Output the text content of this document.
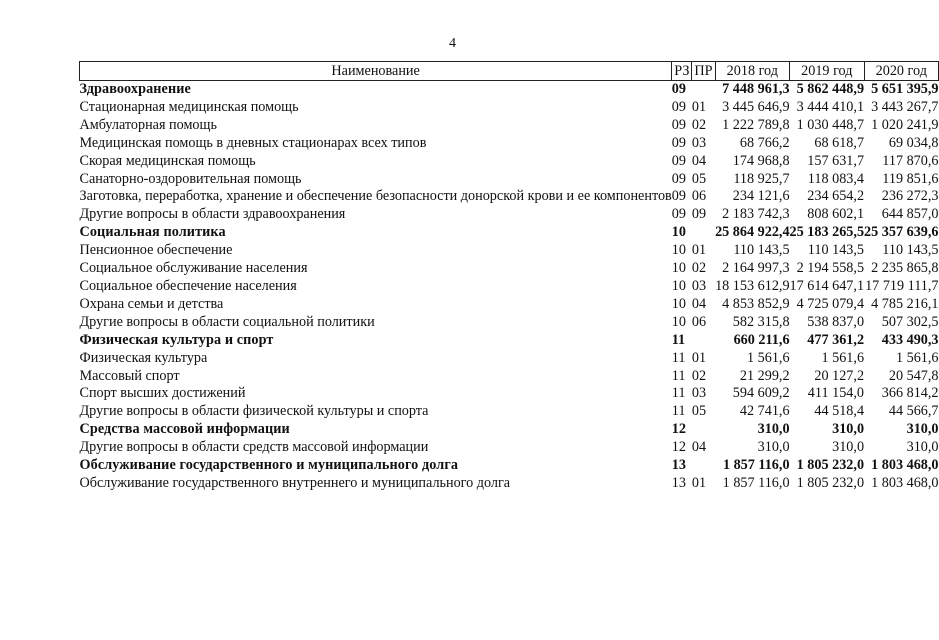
4
Наименование	РЗ	ПР	2018 год	2019 год	2020 год
Здравоохранение	09		7 448 961,3	5 862 448,9	5 651 395,9
Стационарная медицинская помощь	09	01	3 445 646,9	3 444 410,1	3 443 267,7
Амбулаторная помощь	09	02	1 222 789,8	1 030 448,7	1 020 241,9
Медицинская помощь в дневных стационарах всех типов	09	03	68 766,2	68 618,7	69 034,8
Скорая медицинская помощь	09	04	174 968,8	157 631,7	117 870,6
Санаторно-оздоровительная помощь	09	05	118 925,7	118 083,4	119 851,6
Заготовка, переработка, хранение и обеспечение безопасности донорской крови и ее компонентов	09	06	234 121,6	234 654,2	236 272,3
Другие вопросы в области здравоохранения	09	09	2 183 742,3	808 602,1	644 857,0
Социальная политика	10		25 864 922,4	25 183 265,5	25 357 639,6
Пенсионное обеспечение	10	01	110 143,5	110 143,5	110 143,5
Социальное обслуживание населения	10	02	2 164 997,3	2 194 558,5	2 235 865,8
Социальное обеспечение населения	10	03	18 153 612,9	17 614 647,1	17 719 111,7
Охрана семьи и детства	10	04	4 853 852,9	4 725 079,4	4 785 216,1
Другие вопросы в области социальной политики	10	06	582 315,8	538 837,0	507 302,5
Физическая культура и спорт	11		660 211,6	477 361,2	433 490,3
Физическая культура	11	01	1 561,6	1 561,6	1 561,6
Массовый спорт	11	02	21 299,2	20 127,2	20 547,8
Спорт высших достижений	11	03	594 609,2	411 154,0	366 814,2
Другие вопросы в области физической культуры и спорта	11	05	42 741,6	44 518,4	44 566,7
Средства массовой информации	12		310,0	310,0	310,0
Другие вопросы в области средств массовой информации	12	04	310,0	310,0	310,0
Обслуживание государственного и муниципального долга	13		1 857 116,0	1 805 232,0	1 803 468,0
Обслуживание государственного внутреннего и муниципального долга	13	01	1 857 116,0	1 805 232,0	1 803 468,0
